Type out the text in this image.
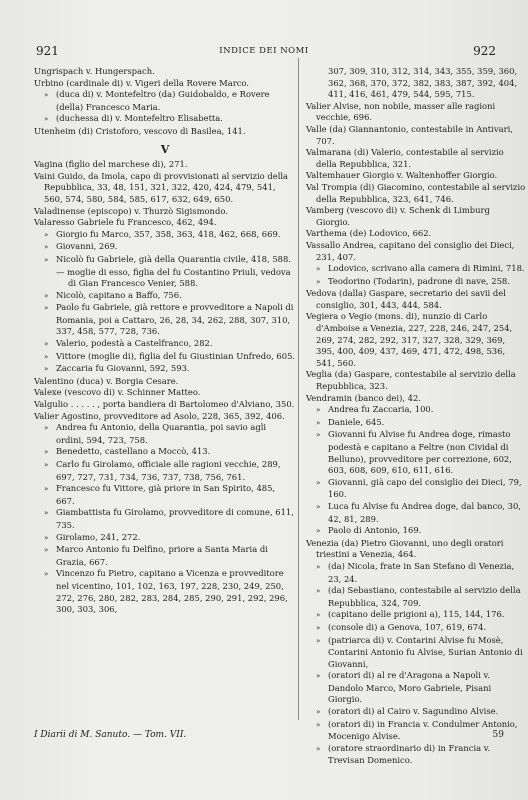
921	INDICE DEI NOMI	922
Ungrispach v. Hungerspach.
Urbino (cardinale di) v. Vigeri della Rovere Marco.
» (duca di) v. Montefeltro (da) Guidobaldo, e Rovere (della) Francesco Maria.
» (duchessa di) v. Montefeltro Elisabetta.
Utenheim (di) Cristoforo, vescovo di Basilea, 141.
V
Vagina (figlio del marchese di), 271.
Vaini Guido, da Imola, capo di provvisionati al servizio della Repubblica, 33, 48, 151, 321, 322, 420, 424, 479, 541, 560, 574, 580, 584, 585, 617, 632, 649, 650.
Valadinense (episcopo) v. Thurzò Sigismondo.
Valaresso Gabriele fu Francesco, 462, 494.
» Giorgio fu Marco, 357, 358, 363, 418, 462, 668, 669.
» Giovanni, 269.
» Nicolò fu Gabriele, già della Quarantia civile, 418, 588.
— moglie di esso, figlia del fu Costantino Priuli, vedova di Gian Francesco Venier, 588.
» Nicolò, capitano a Baffo, 756.
» Paolo fu Gabriele, già rettore e provveditore a Napoli di Romania, poi a Cattaro, 26, 28, 34, 262, 288, 307, 310, 337, 458, 577, 728, 736.
» Valerio, podestà a Castelfranco, 282.
» Vittore (moglie di), figlia del fu Giustinian Unfredo, 605.
» Zaccaria fu Giovanni, 592, 593.
Valentino (duca) v. Borgia Cesare.
Valexe (vescovo di) v. Schinner Matteo.
Valgulio . . . . . , porta bandiera di Bartolomeo d'Alviano, 350.
Valier Agostino, provveditore ad Asolo, 228, 365, 392, 406.
» Andrea fu Antonio, della Quarantia, poi savio agli ordini, 594, 723, 758.
» Benedetto, castellano a Moccò, 413.
» Carlo fu Girolamo, officiale alle ragioni vecchie, 289, 697, 727, 731, 734, 736, 737, 738, 756, 761.
» Francesco fu Vittore, già priore in San Spirito, 485, 667.
» Giambattista fu Girolamo, provveditore di comune, 611, 735.
» Girolamo, 241, 272.
» Marco Antonio fu Delfino, priore a Santa Maria di Grazia, 667.
» Vincenzo fu Pietro, capitano a Vicenza e provveditore nel vicentino, 101, 102, 163, 197, 228, 230, 249, 250, 272, 276, 280, 282, 283, 284, 285, 290, 291, 292, 296, 300, 303, 306,
307, 309, 310, 312, 314, 343, 355, 359, 360, 362, 368, 370, 372, 382, 383, 387, 392, 404, 411, 416, 461, 479, 544, 595, 715.
Valier Alvise, non nobile, masser alle ragioni vecchie, 696.
Valle (da) Giannantonio, contestabile in Antivari, 707.
Valmarana (di) Valerio, contestabile al servizio della Repubblica, 321.
Valtemhauer Giorgio v. Waltenhoffer Giorgio.
Val Trompia (di) Giacomino, contestabile al servizio della Repubblica, 323, 641, 746.
Vamberg (vescovo di) v. Schenk di Limburg Giorgio.
Varthema (de) Lodovico, 662.
Vassallo Andrea, capitano del consiglio dei Dieci, 231, 407.
» Lodovico, scrivano alla camera di Rimini, 718.
» Teodorino (Todarin), padrone di nave, 258.
Vedova (dalla) Gaspare, secretario dei savii del consiglio, 301, 443, 444, 584.
Vegiera o Vegio (mons. di), nunzio di Carlo d'Amboise a Venezia, 227, 228, 246, 247, 254, 269, 274, 282, 292, 317, 327, 328, 329, 369, 395, 400, 409, 437, 469, 471, 472, 498, 536, 541, 560.
Veglia (da) Gaspare, contestabile al servizio della Repubblica, 323.
Vendramin (banco dei), 42.
» Andrea fu Zaccaria, 100.
» Daniele, 645.
» Giovanni fu Alvise fu Andrea doge, rimasto podestà e capitano a Feltre (non Cividal di Belluno), provveditore per correzione, 602, 603, 608, 609, 610, 611, 616.
» Giovanni, già capo del consiglio dei Dieci, 79, 160.
» Luca fu Alvise fu Andrea doge, dal banco, 30, 42, 81, 289.
» Paolo di Antonio, 169.
Venezia (da) Pietro Giovanni, uno degli oratori triestini a Venezia, 464.
» (da) Nicola, frate in San Stefano di Venezia, 23, 24.
» (da) Sebastiano, contestabile al servizio della Repubblica, 324, 709.
» (capitano delle prigioni a), 115, 144, 176.
» (console di) a Genova, 107, 619, 674.
» (patriarca di) v. Contarini Alvise fu Mosè, Contarini Antonio fu Alvise, Surian Antonio di Giovanni,
» (oratori di) al re d'Aragona a Napoli v. Dandolo Marco, Moro Gabriele, Pisani Giorgio.
» (oratori di) al Cairo v. Sagundino Alvise.
» (oratori di) in Francia v. Condulmer Antonio, Mocenigo Alvise.
» (oratore straordinario di) in Francia v. Trevisan Domenico.
I Diarii di M. Sanuto. — Tom. VII.	59
